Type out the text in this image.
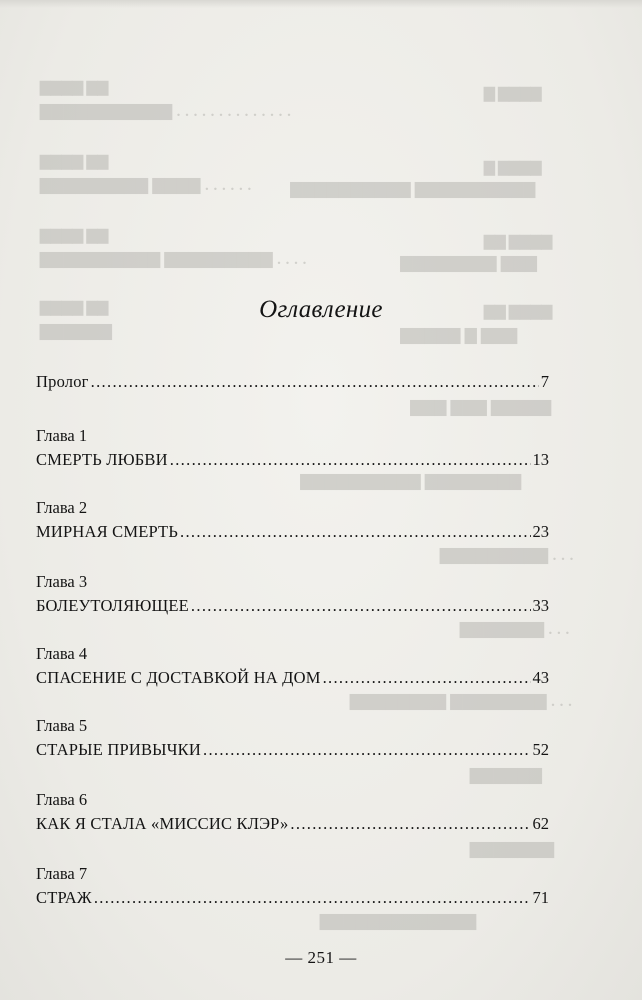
▇▇▇▇ ▇▇
▇▇▇▇▇▇▇▇▇▇▇ . . . . . . . . . . . . . .
▇▇▇▇ ▇▇
▇▇▇▇▇▇▇▇▇ ▇▇▇▇ . . . . . .
▇▇▇▇ ▇▇
▇▇▇▇▇▇▇▇▇▇ ▇▇▇▇▇▇▇▇▇ . . . .
▇▇▇▇ ▇▇
▇▇▇▇▇▇
▇▇▇▇ ▇
▇▇▇▇ ▇
▇▇▇▇▇▇▇▇▇▇ ▇▇▇▇▇▇▇▇▇▇
▇▇▇▇ ▇▇
▇▇▇ ▇▇▇▇▇▇▇▇
▇▇▇▇ ▇▇
▇▇▇ ▇ ▇▇▇▇▇
▇▇▇▇▇ ▇▇▇ ▇▇▇
▇▇▇▇▇▇▇▇ ▇▇▇▇▇▇▇▇▇▇
▇▇▇▇▇▇▇▇▇ . . .
▇▇▇▇▇▇▇ . . .
▇▇▇▇▇▇▇▇ ▇▇▇▇▇▇▇▇ . . .
▇▇▇▇▇▇
▇▇▇▇▇▇▇
▇▇▇▇▇▇▇▇▇▇▇▇▇
Оглавление
Пролог . . .	7
Глава 1
СМЕРТЬ ЛЮБВИ . . .	13
Глава 2
МИРНАЯ СМЕРТЬ . . .	23
Глава 3
БОЛЕУТОЛЯЮЩЕЕ . . .	33
Глава 4
СПАСЕНИЕ С ДОСТАВКОЙ НА ДОМ . . .	43
Глава 5
СТАРЫЕ ПРИВЫЧКИ . . .	52
Глава 6
КАК Я СТАЛА «МИССИС КЛЭР» . . .	62
Глава 7
СТРАЖ . . .	71
— 251 —
